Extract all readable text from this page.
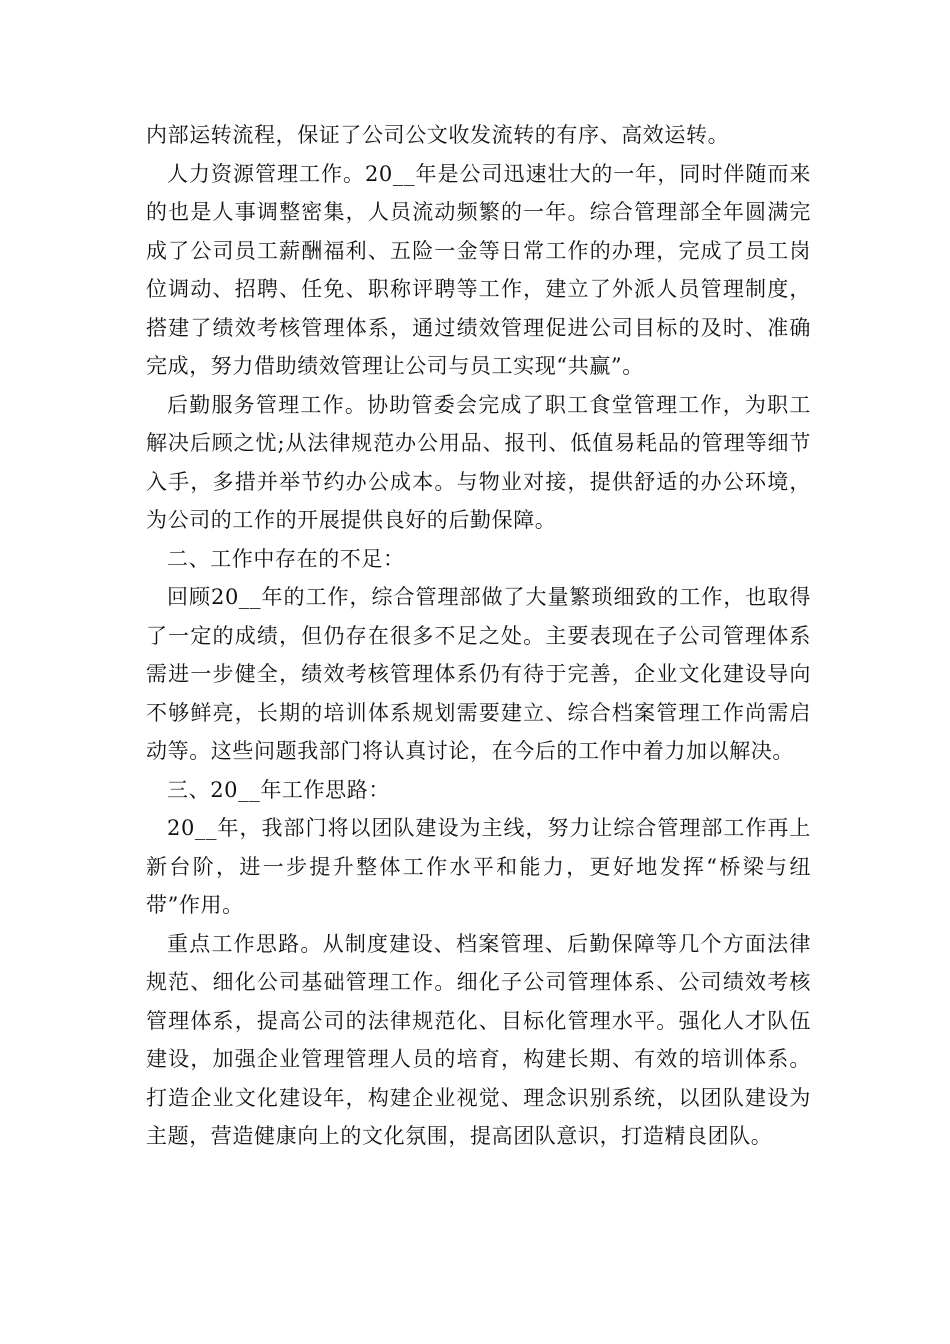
内部运转流程，保证了公司公文收发流转的有序、高效运转。

人力资源管理工作。20__年是公司迅速壮大的一年，同时伴随而来的也是人事调整密集，人员流动频繁的一年。综合管理部全年圆满完成了公司员工薪酬福利、五险一金等日常工作的办理，完成了员工岗位调动、招聘、任免、职称评聘等工作，建立了外派人员管理制度，搭建了绩效考核管理体系，通过绩效管理促进公司目标的及时、准确完成，努力借助绩效管理让公司与员工实现“共赢”。

后勤服务管理工作。协助管委会完成了职工食堂管理工作，为职工解决后顾之忧;从法律规范办公用品、报刊、低值易耗品的管理等细节入手，多措并举节约办公成本。与物业对接，提供舒适的办公环境，为公司的工作的开展提供良好的后勤保障。

二、工作中存在的不足：

回顾20__年的工作，综合管理部做了大量繁琐细致的工作，也取得了一定的成绩，但仍存在很多不足之处。主要表现在子公司管理体系需进一步健全，绩效考核管理体系仍有待于完善，企业文化建设导向不够鲜亮，长期的培训体系规划需要建立、综合档案管理工作尚需启动等。这些问题我部门将认真讨论，在今后的工作中着力加以解决。

三、20__年工作思路：

20__年，我部门将以团队建设为主线，努力让综合管理部工作再上新台阶，进一步提升整体工作水平和能力，更好地发挥“桥梁与纽带”作用。

重点工作思路。从制度建设、档案管理、后勤保障等几个方面法律规范、细化公司基础管理工作。细化子公司管理体系、公司绩效考核管理体系，提高公司的法律规范化、目标化管理水平。强化人才队伍建设，加强企业管理管理人员的培育，构建长期、有效的培训体系。打造企业文化建设年，构建企业视觉、理念识别系统，以团队建设为主题，营造健康向上的文化氛围，提高团队意识，打造精良团队。
